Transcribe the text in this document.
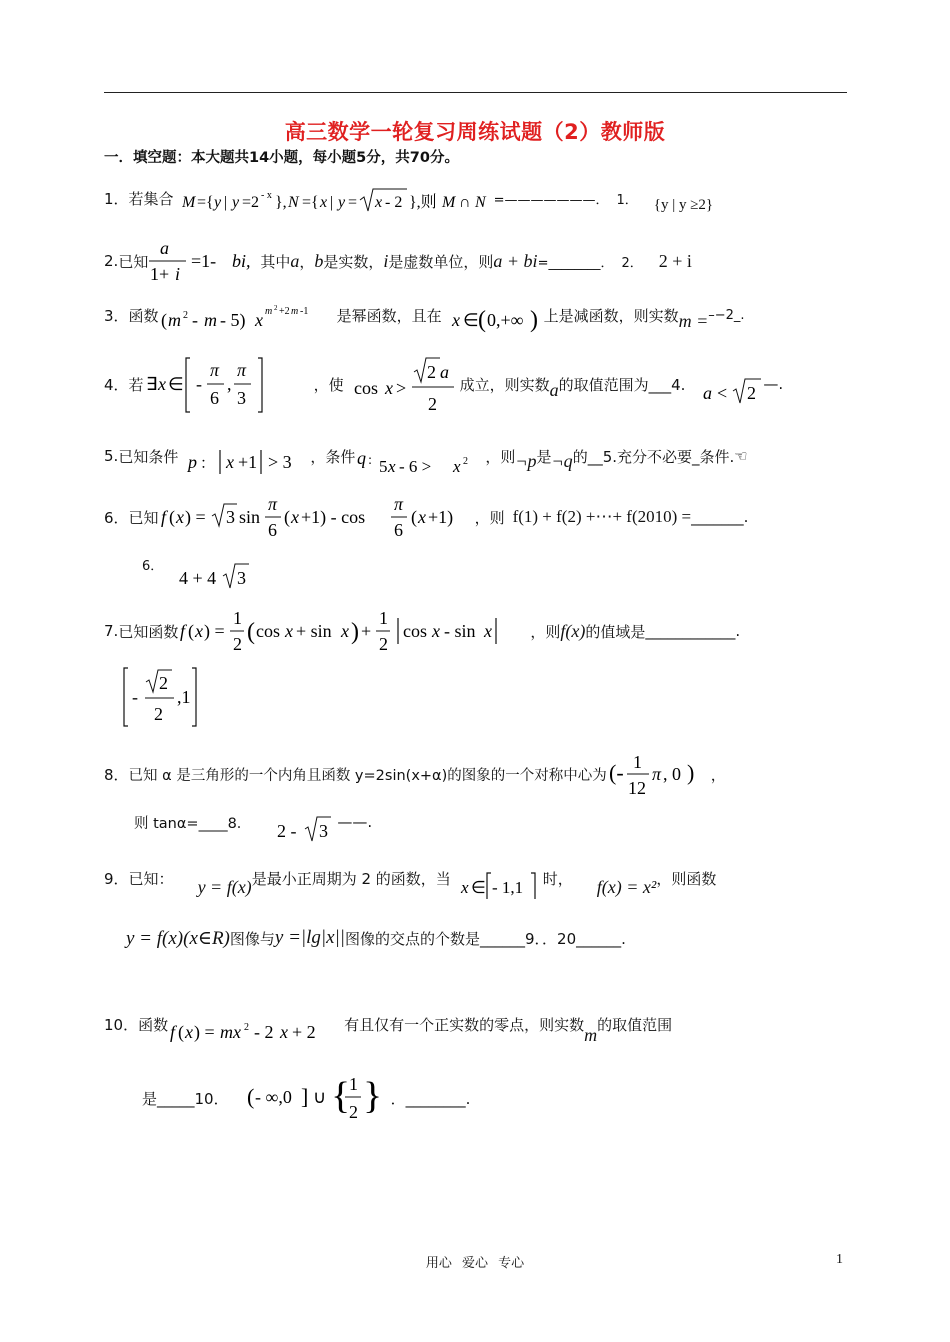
高三数学一轮复习周练试题（2）教师版
一．填空题：本大题共14小题，每小题5分，共70分。
1． 若集合 M ={ y | y =2 - x }, N ={ x | y = x - 2 },则 M ∩ N =———————． 1． {y | y ≥2}
2. 已知
a
1+ i
=1- bi, 其中 a ， b 是实数， i 是虚数单位，则 a + bi =________． 2． 2 + i
3． 函数 ( m 2 - m - 5) x m 2 +2 m -1 是幂函数，且在 x ∈ ( 0,+∞ ) 上是减函数，则实数 m = –−2_.
4． 若 ∃ x ∈ -
π
6
,
π
3
，使 cos x >
2 a
2
成立，则实数 a 的取值范围为___4. a < 2 —.
5. 已知条件 p ： x +1 > 3 ，条件 q : 5 x - 6 > x 2 ，则 ¬p 是 ¬q 的__5.充分不必要_条件. ☜
6． 已知 f ( x ) = 3 sin
π
6
( x +1) - cos
π
6
( x +1) ，则 f(1) + f(2) +⋯+ f(2010) = _______.
6．
4 + 4 3
7. 已知函数 f ( x ) =
1
2 ( cos x + sin x ) +
1
2
cos x - sin x	，则 f(x) 的值域是 ____________.
-
2
2
,1
8． 已知 α 是三角形的一个内角且函数 y=2sin(x+α)的图象的一个对称中心为 (- 1
12
π , 0 ) ，
则 tanα=____8． 2 - 3 ——.
9． 已知： y = f(x) 是最小正周期为 2 的函数，当 x ∈ - 1,1 时， f(x) = x² ，则函数
y = f(x)(x∈R) 图像与 y =|lg|x|| 图像的交点的个数是______9．．20______.
10． 函数 f ( x ) = mx 2 - 2 x + 2 有且仅有一个正实数的零点，则实数 m 的取值范围
是_____10． ( - ∞,0 ] ∪ {
1
2 } ．________.
用心 爱心 专心	1
